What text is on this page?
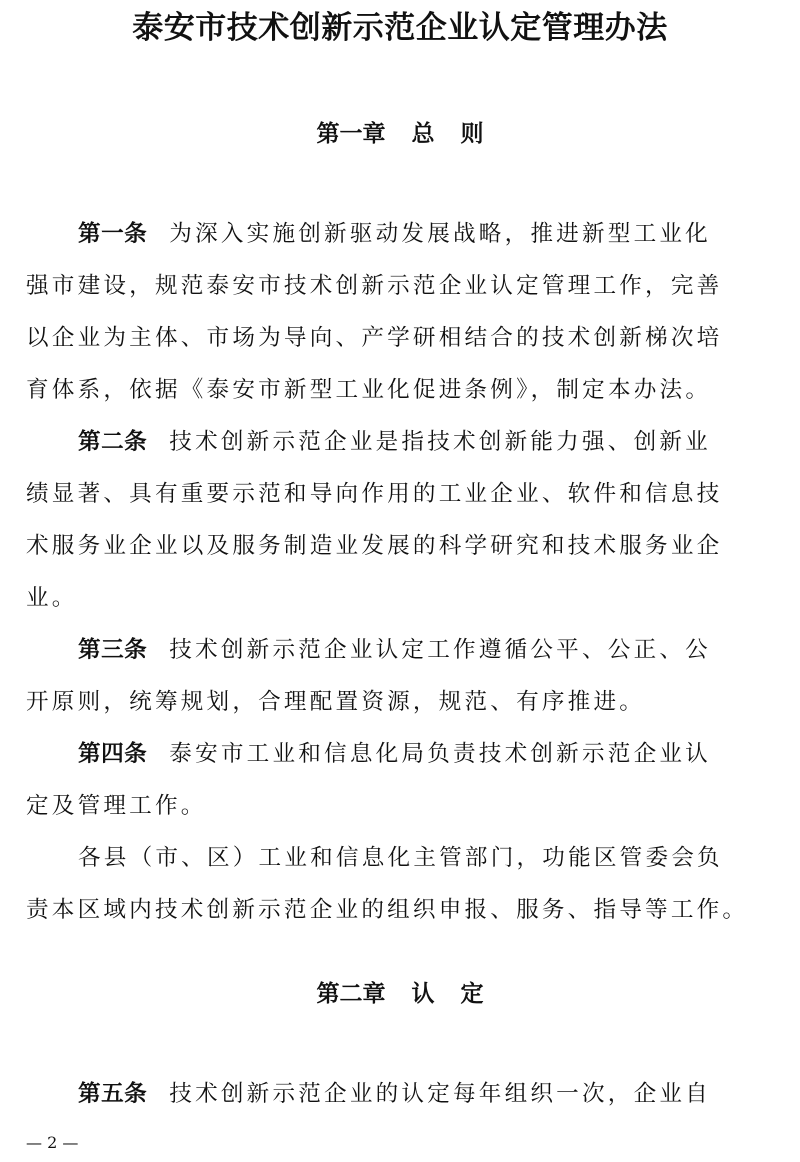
泰安市技术创新示范企业认定管理办法
第一章 总则
第一条 为深入实施创新驱动发展战略，推进新型工业化
强市建设，规范泰安市技术创新示范企业认定管理工作，完善
以企业为主体、市场为导向、产学研相结合的技术创新梯次培
育体系，依据《泰安市新型工业化促进条例》，制定本办法。
第二条 技术创新示范企业是指技术创新能力强、创新业
绩显著、具有重要示范和导向作用的工业企业、软件和信息技
术服务业企业以及服务制造业发展的科学研究和技术服务业企
业。
第三条 技术创新示范企业认定工作遵循公平、公正、公
开原则，统筹规划，合理配置资源，规范、有序推进。
第四条 泰安市工业和信息化局负责技术创新示范企业认
定及管理工作。
各县（市、区）工业和信息化主管部门，功能区管委会负
责本区域内技术创新示范企业的组织申报、服务、指导等工作。
第二章 认定
第五条 技术创新示范企业的认定每年组织一次，企业自
— 2 —
